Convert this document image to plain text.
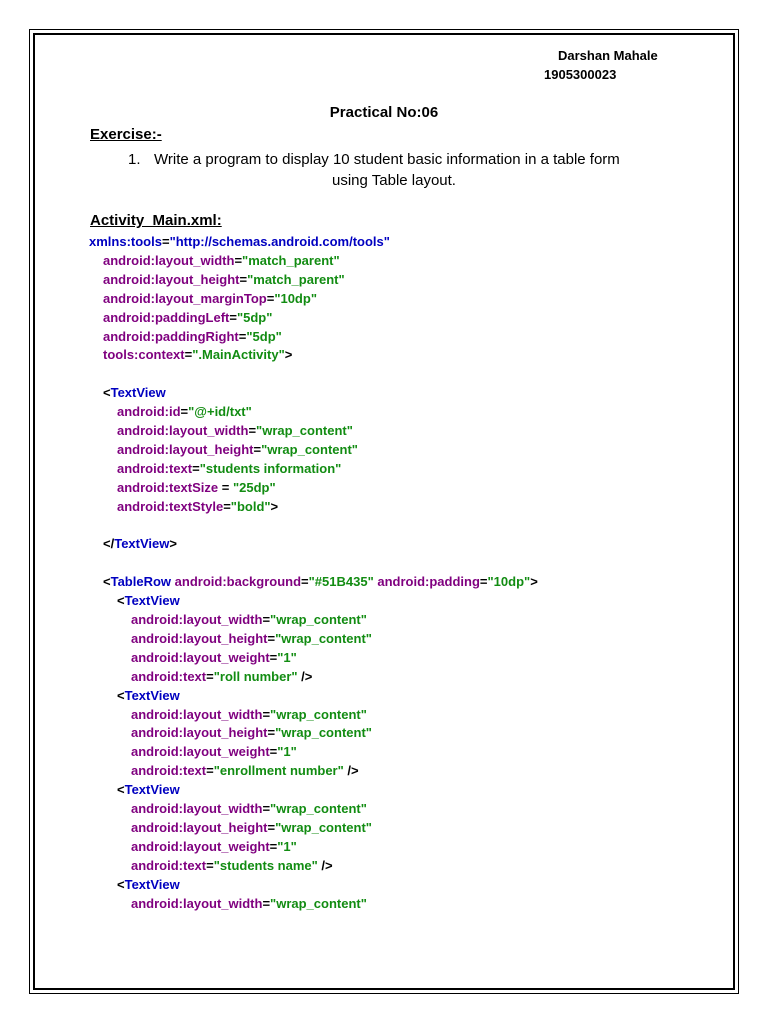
Darshan Mahale
1905300023
Practical No:06
Exercise:-
1. Write a program to display 10 student basic information in a table form
using Table layout.
Activity_Main.xml:
xmlns:tools="http://schemas.android.com/tools"
android:layout_width="match_parent"
android:layout_height="match_parent"
android:layout_marginTop="10dp"
android:paddingLeft="5dp"
android:paddingRight="5dp"
tools:context=".MainActivity">
<TextView
android:id="@+id/txt"
android:layout_width="wrap_content"
android:layout_height="wrap_content"
android:text="students information"
android:textSize = "25dp"
android:textStyle="bold">
</TextView>
<TableRow android:background="#51B435" android:padding="10dp">
<TextView
android:layout_width="wrap_content"
android:layout_height="wrap_content"
android:layout_weight="1"
android:text="roll number" />
<TextView
android:layout_width="wrap_content"
android:layout_height="wrap_content"
android:layout_weight="1"
android:text="enrollment number" />
<TextView
android:layout_width="wrap_content"
android:layout_height="wrap_content"
android:layout_weight="1"
android:text="students name" />
<TextView
android:layout_width="wrap_content"
